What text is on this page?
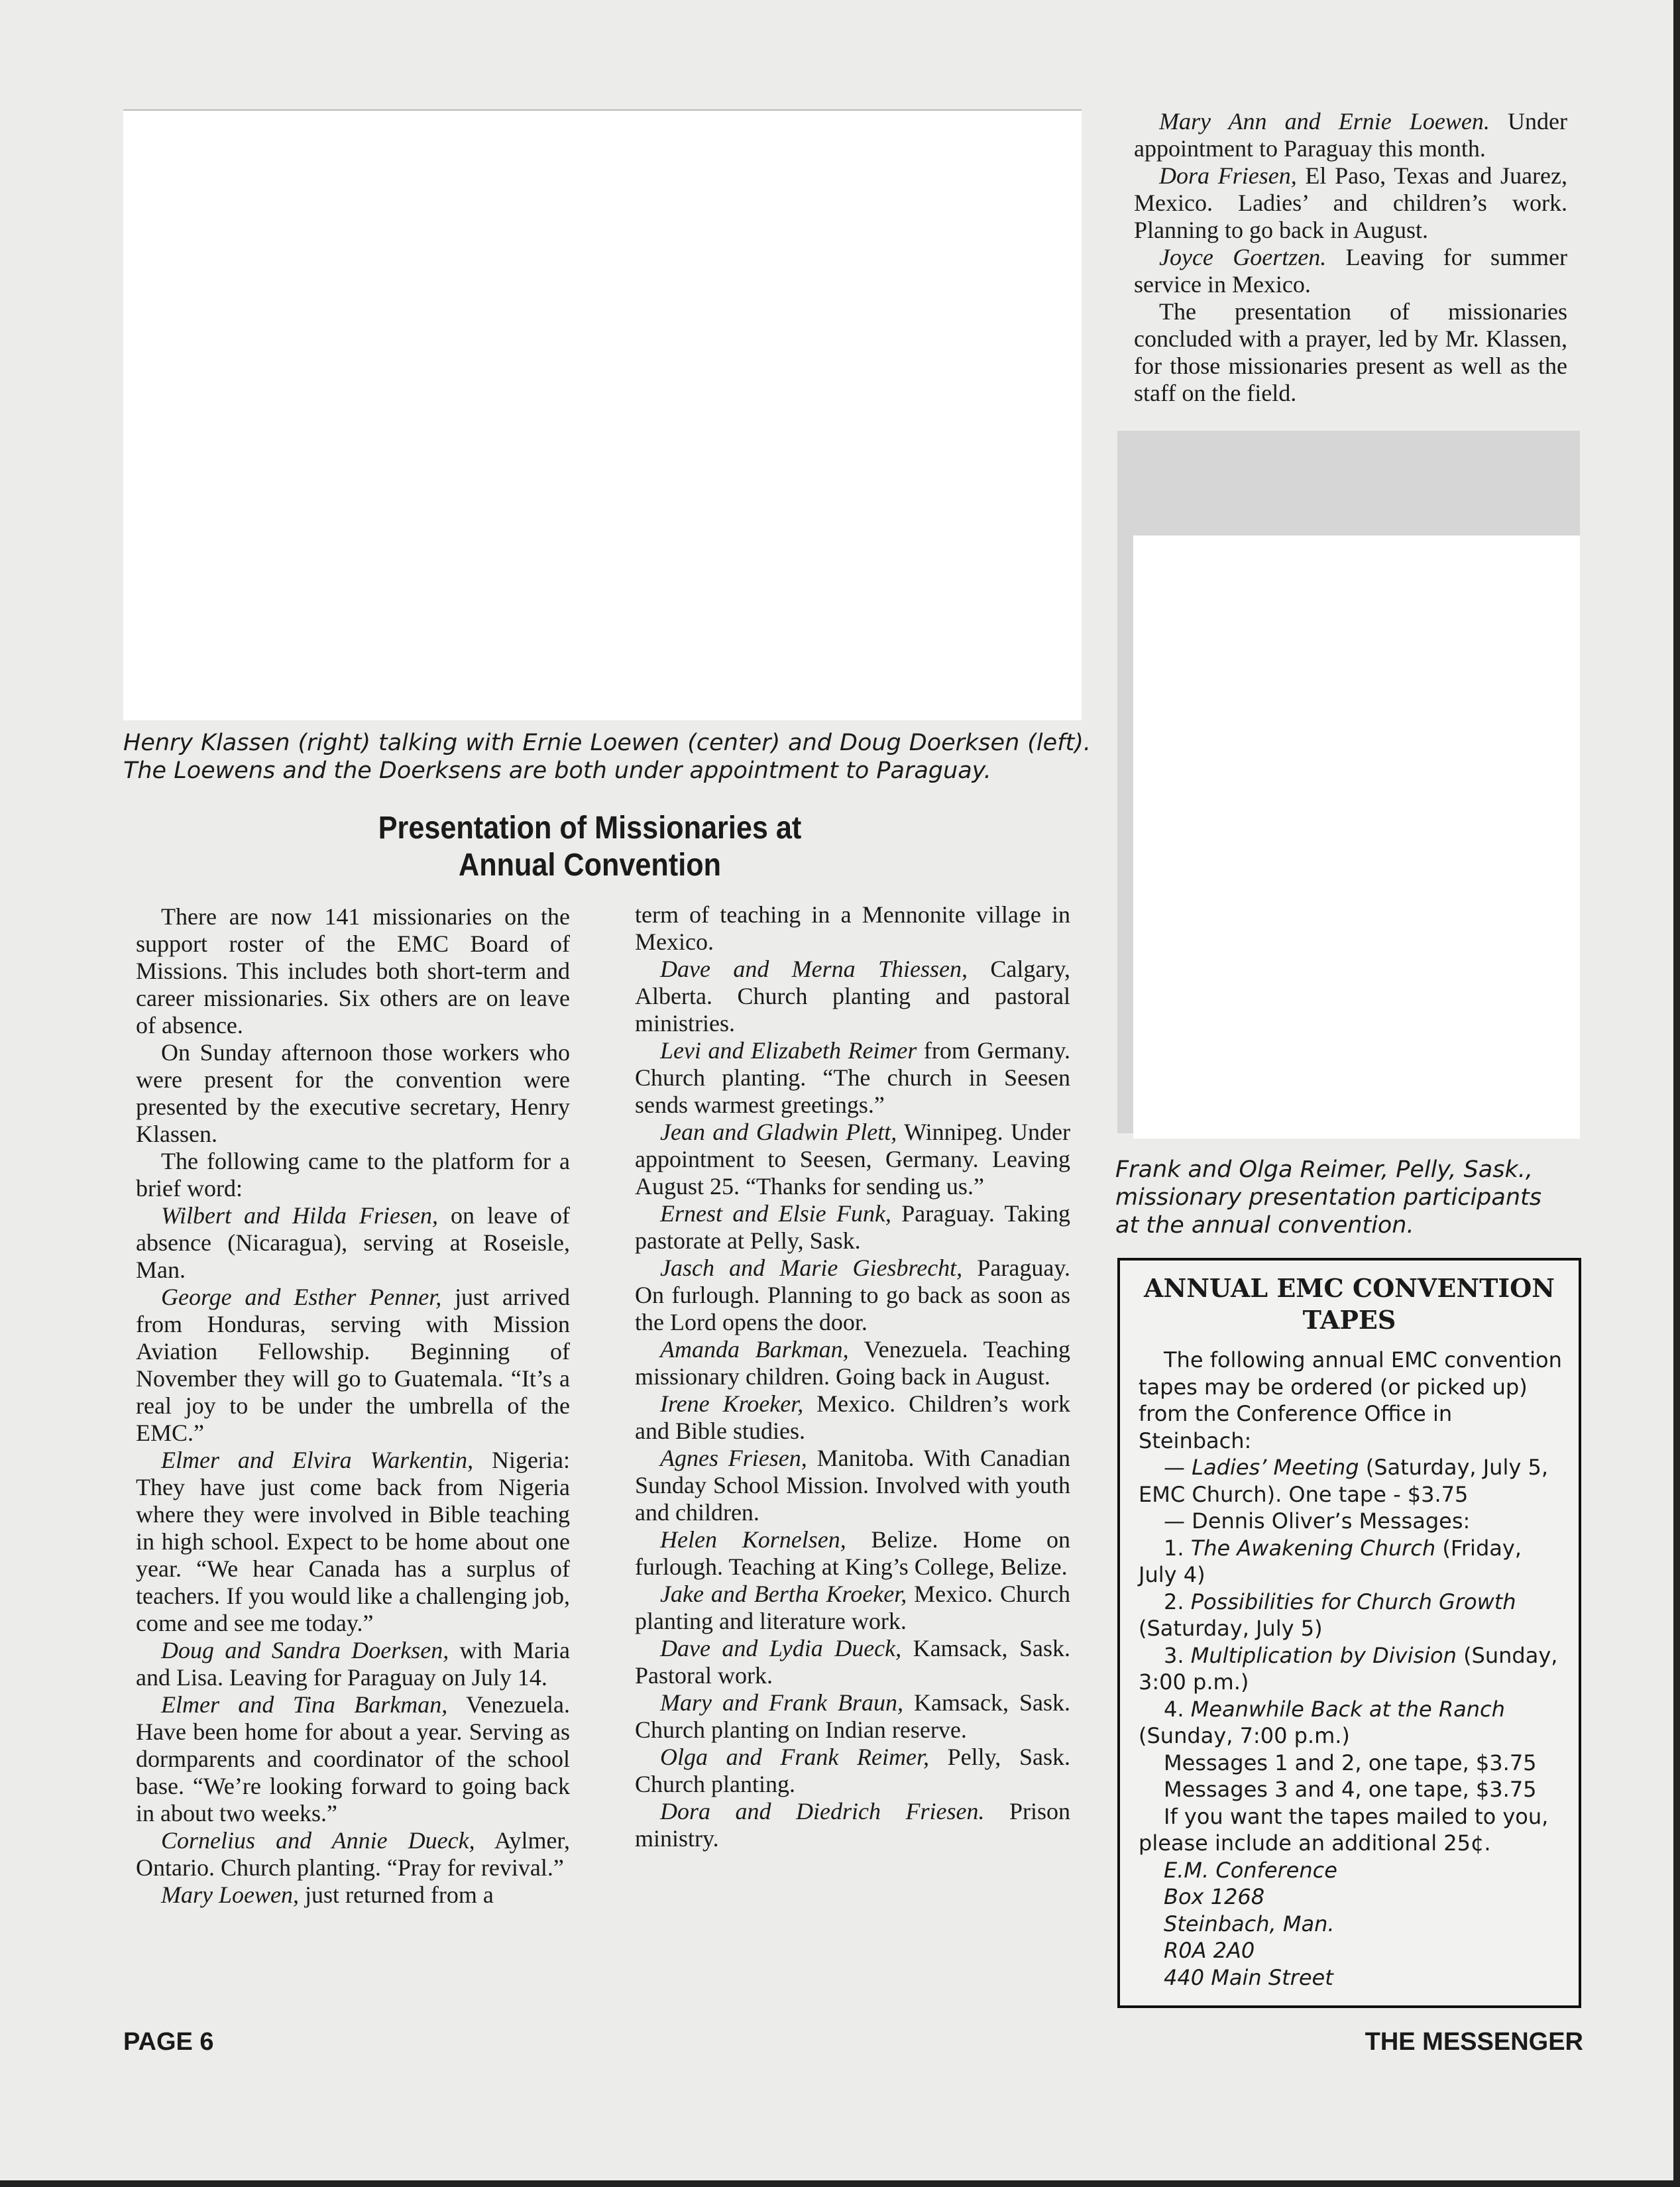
Henry Klassen (right) talking with Ernie Loewen (center) and Doug Doerksen (left). The Loewens and the Doerksens are both under appointment to Paraguay.
Presentation of Missionaries at
Annual Convention

There are now 141 missionaries on the support roster of the EMC Board of Missions. This includes both short-term and career missionaries. Six others are on leave of absence.

On Sunday afternoon those workers who were present for the convention were presented by the executive secretary, Henry Klassen.

The following came to the platform for a brief word:

Wilbert and Hilda Friesen, on leave of absence (Nicaragua), serving at Roseisle, Man.

George and Esther Penner, just arrived from Honduras, serving with Mission Aviation Fellowship. Beginning of November they will go to Guatemala. “It’s a real joy to be under the umbrella of the EMC.”

Elmer and Elvira Warkentin, Nigeria: They have just come back from Nigeria where they were involved in Bible teaching in high school. Expect to be home about one year. “We hear Canada has a surplus of teachers. If you would like a challenging job, come and see me today.”

Doug and Sandra Doerksen, with Maria and Lisa. Leaving for Paraguay on July 14.

Elmer and Tina Barkman, Venezuela. Have been home for about a year. Serving as dormparents and coordinator of the school base. “We’re looking forward to going back in about two weeks.”

Cornelius and Annie Dueck, Aylmer, Ontario. Church planting. “Pray for revival.”

Mary Loewen, just returned from a

term of teaching in a Mennonite village in Mexico.

Dave and Merna Thiessen, Calgary, Alberta. Church planting and pastoral ministries.

Levi and Elizabeth Reimer from Germany. Church planting. “The church in Seesen sends warmest greetings.”

Jean and Gladwin Plett, Winnipeg. Under appointment to Seesen, Germany. Leaving August 25. “Thanks for sending us.”

Ernest and Elsie Funk, Paraguay. Taking pastorate at Pelly, Sask.

Jasch and Marie Giesbrecht, Paraguay. On furlough. Planning to go back as soon as the Lord opens the door.

Amanda Barkman, Venezuela. Teaching missionary children. Going back in August.

Irene Kroeker, Mexico. Children’s work and Bible studies.

Agnes Friesen, Manitoba. With Canadian Sunday School Mission. Involved with youth and children.

Helen Kornelsen, Belize. Home on furlough. Teaching at King’s College, Belize.

Jake and Bertha Kroeker, Mexico. Church planting and literature work.

Dave and Lydia Dueck, Kamsack, Sask. Pastoral work.

Mary and Frank Braun, Kamsack, Sask. Church planting on Indian reserve.

Olga and Frank Reimer, Pelly, Sask. Church planting.

Dora and Diedrich Friesen. Prison ministry.

Mary Ann and Ernie Loewen. Under appointment to Paraguay this month.

Dora Friesen, El Paso, Texas and Juarez, Mexico. Ladies’ and children’s work. Planning to go back in August.

Joyce Goertzen. Leaving for summer service in Mexico.

The presentation of missionaries concluded with a prayer, led by Mr. Klassen, for those missionaries present as well as the staff on the field.

Frank and Olga Reimer, Pelly, Sask., missionary presentation participants at the annual convention.
ANNUAL EMC CONVENTION
TAPES

The following annual EMC convention tapes may be ordered (or picked up) from the Conference Office in Steinbach:

— Ladies’ Meeting (Saturday, July 5, EMC Church). One tape - $3.75

— Dennis Oliver’s Messages:

1. The Awakening Church (Friday, July 4)

2. Possibilities for Church Growth (Saturday, July 5)

3. Multiplication by Division (Sunday, 3:00 p.m.)

4. Meanwhile Back at the Ranch (Sunday, 7:00 p.m.)

Messages 1 and 2, one tape, $3.75

Messages 3 and 4, one tape, $3.75

If you want the tapes mailed to you, please include an additional 25¢.

E.M. Conference

Box 1268

Steinbach, Man.

R0A 2A0

440 Main Street

PAGE 6	THE MESSENGER
